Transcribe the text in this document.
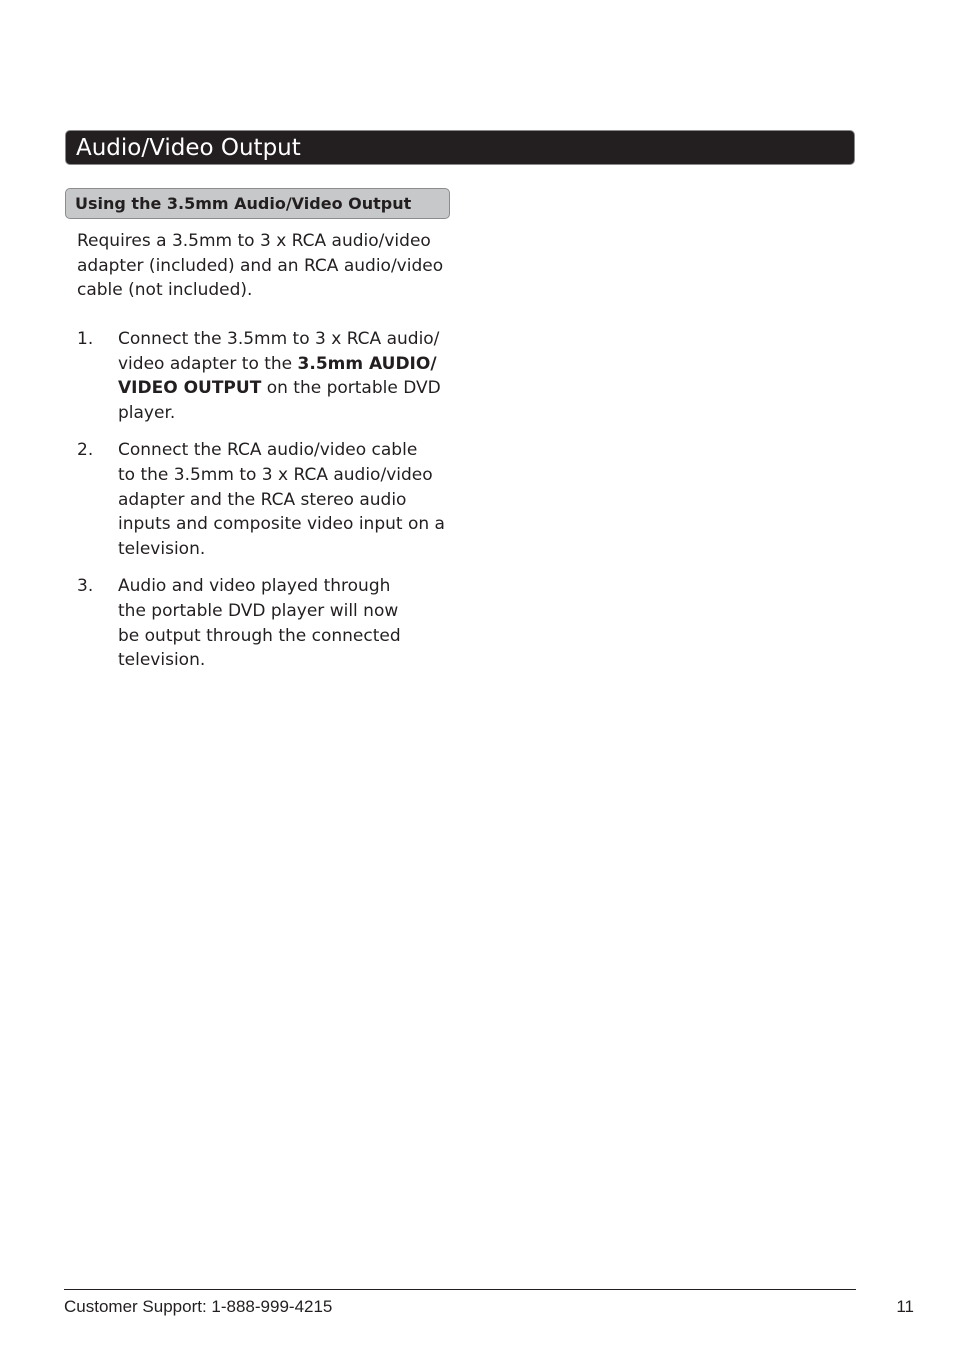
Audio/Video Output
Using the 3.5mm Audio/Video Output
Requires a 3.5mm to 3 x RCA audio/video
adapter (included) and an RCA audio/video
cable (not included).
1. Connect the 3.5mm to 3 x RCA audio/
video adapter to the 3.5mm AUDIO/
VIDEO OUTPUT on the portable DVD
player.
2. Connect the RCA audio/video cable
to the 3.5mm to 3 x RCA audio/video
adapter and the RCA stereo audio
inputs and composite video input on a
television.
3. Audio and video played through
the portable DVD player will now
be output through the connected
television.
Customer Support: 1-888-999-4215	11
